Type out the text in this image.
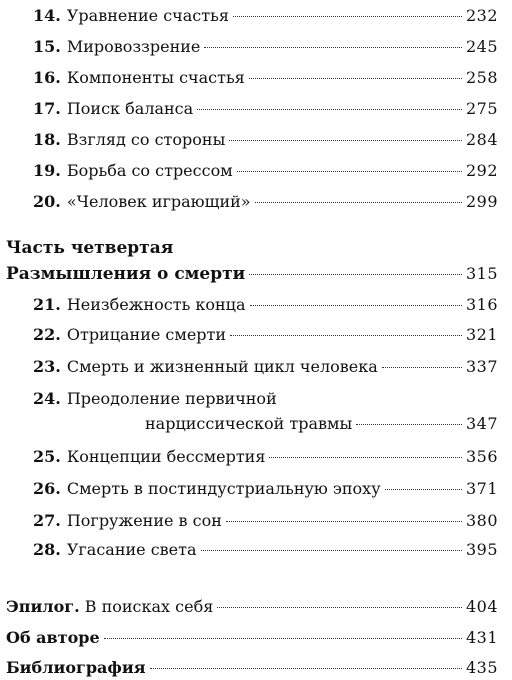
14. Уравнение счастья	232
15. Мировоззрение	245
16. Компоненты счастья	258
17. Поиск баланса	275
18. Взгляд со стороны	284
19. Борьба со стрессом	292
20. «Человек играющий»	299
Часть четвертая
Размышления о смерти	315
21. Неизбежность конца	316
22. Отрицание смерти	321
23. Смерть и жизненный цикл человека	337
24. Преодоление первичной
нарциссической травмы	347
25. Концепции бессмертия	356
26. Смерть в постиндустриальную эпоху	371
27. Погружение в сон	380
28. Угасание света	395
Эпилог. В поисках себя	404
Об авторе	431
Библиография	435
